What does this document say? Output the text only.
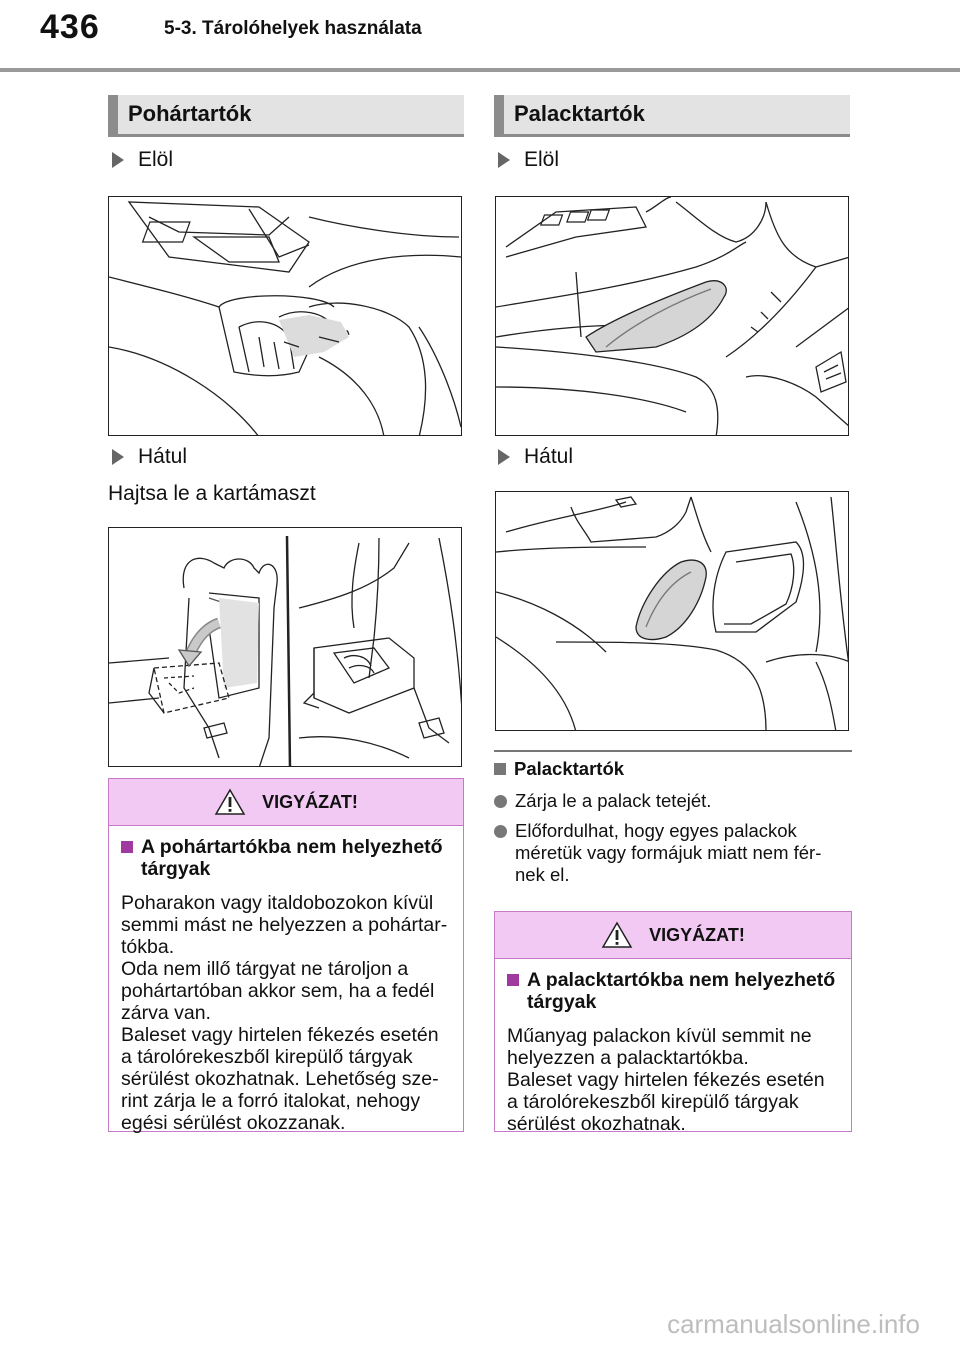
436	5-3. Tárolóhelyek használata
Pohártartók
Elöl
Hátul
Hajtsa le a kartámaszt
VIGYÁZAT!
A pohártartókba nem helyezhető tárgyak
Poharakon vagy italdobozokon kívül
semmi mást ne helyezzen a pohártar-
tókba.
Oda nem illő tárgyat ne tároljon a
pohártartóban akkor sem, ha a fedél
zárva van.
Baleset vagy hirtelen fékezés esetén
a tárolórekeszből kirepülő tárgyak
sérülést okozhatnak. Lehetőség sze-
rint zárja le a forró italokat, nehogy
egési sérülést okozzanak.
Palacktartók
Elöl
Hátul
Palacktartók
Zárja le a palack tetejét.
Előfordulhat, hogy egyes palackok
méretük vagy formájuk miatt nem fér-
nek el.
VIGYÁZAT!
A palacktartókba nem helyezhető tárgyak
Műanyag palackon kívül semmit ne
helyezzen a palacktartókba.
Baleset vagy hirtelen fékezés esetén
a tárolórekeszből kirepülő tárgyak
sérülést okozhatnak.
carmanualsonline.info
